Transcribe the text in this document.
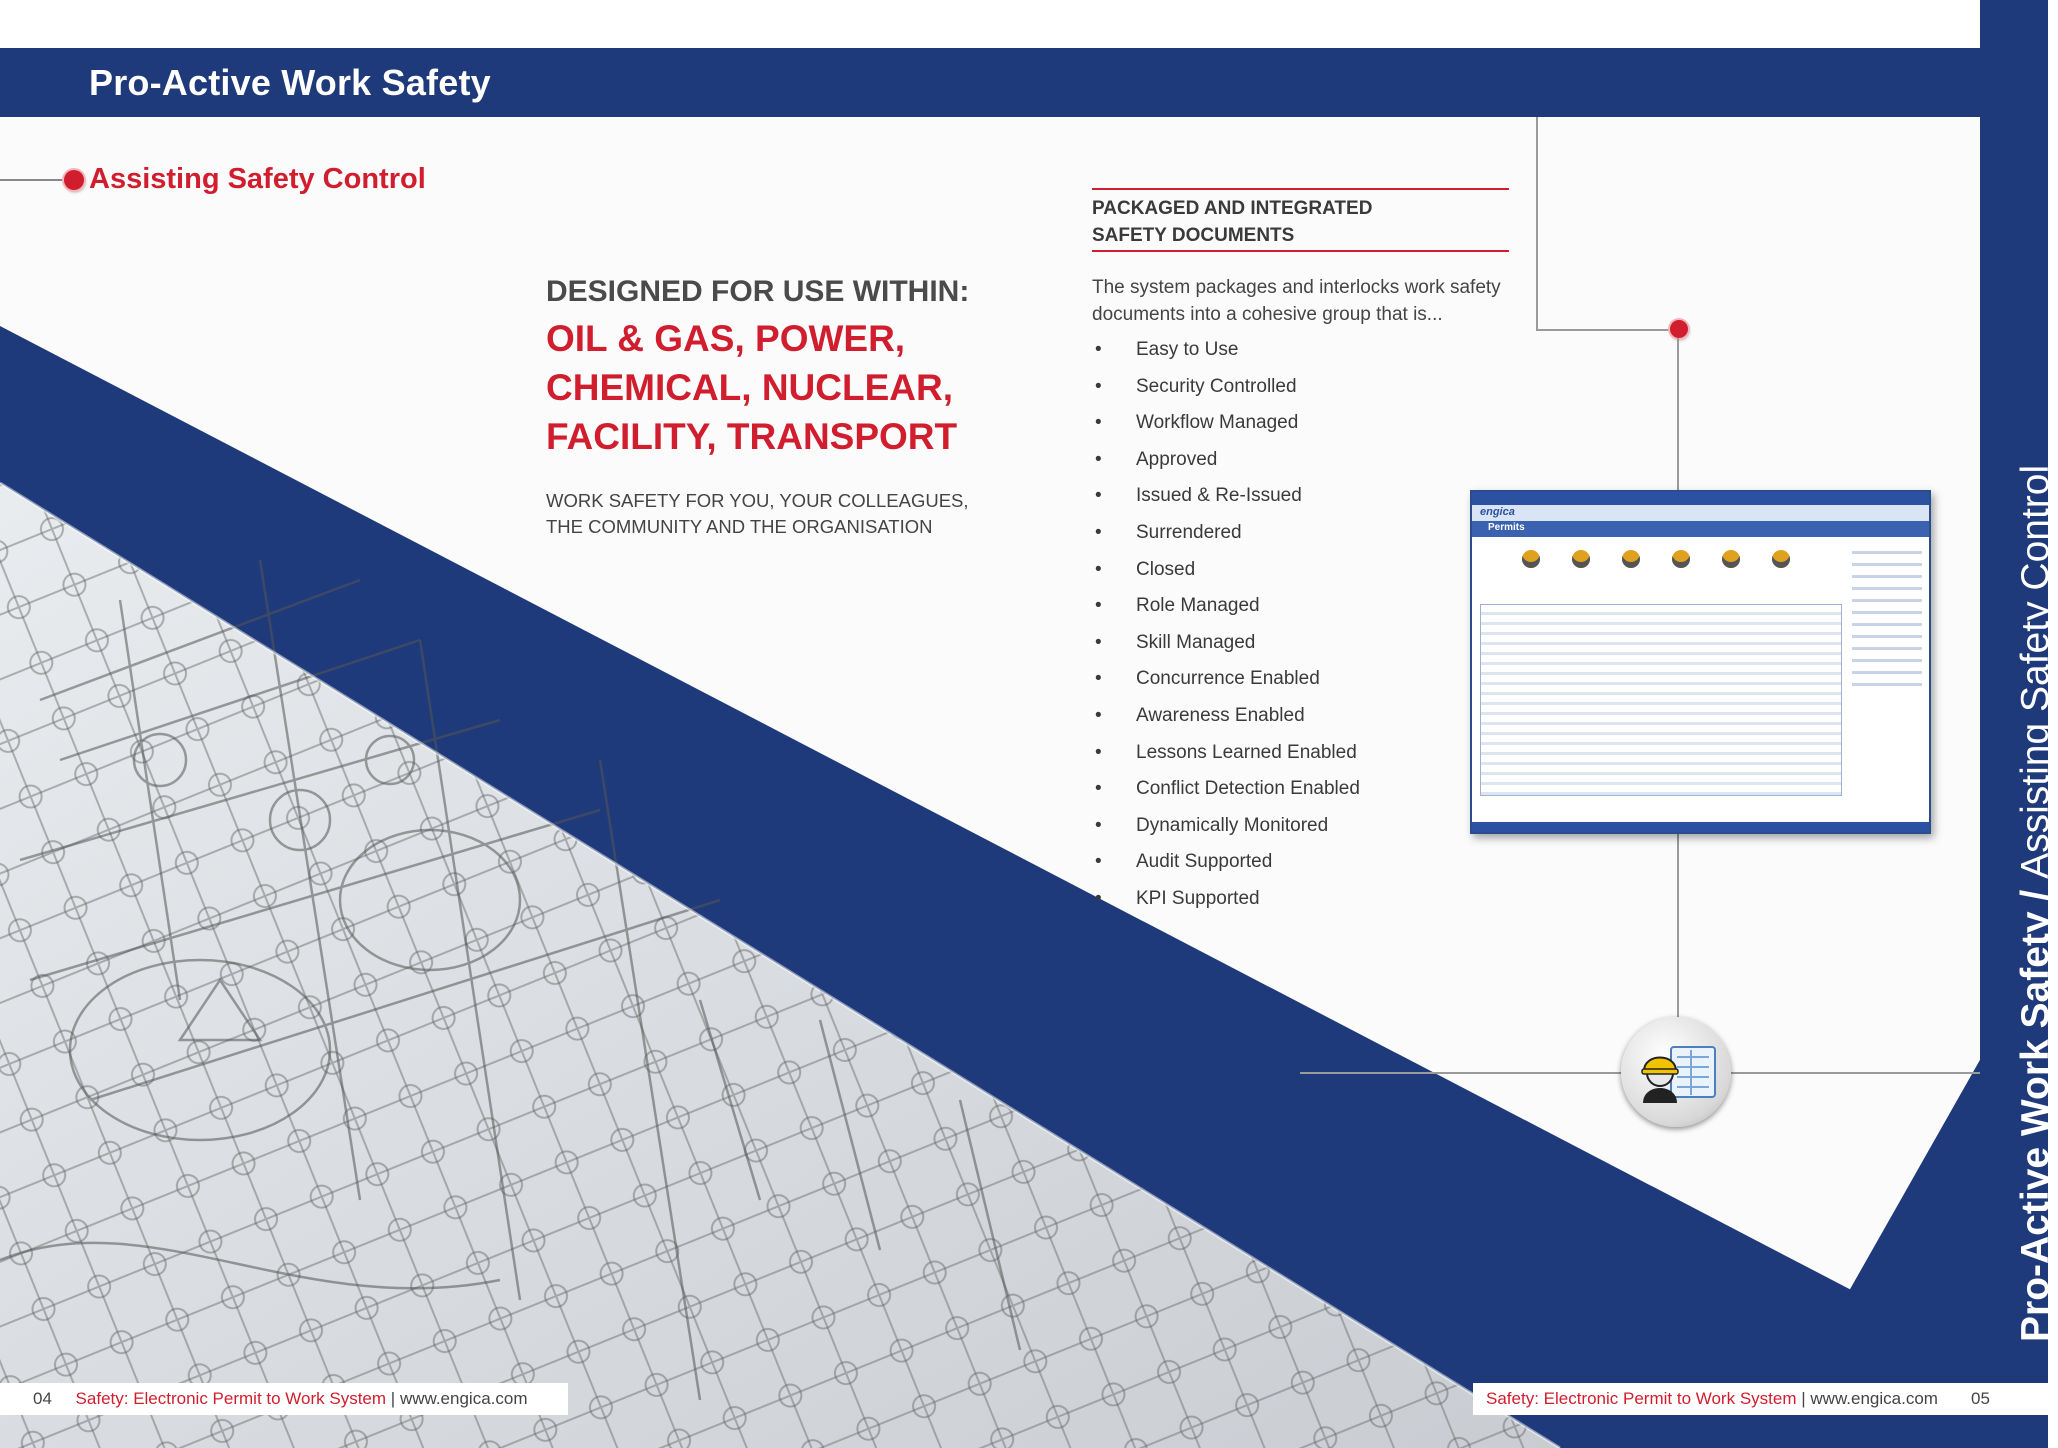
Pro-Active Work Safety
Pro-Active Work Safety / Assisting Safety Control
Assisting Safety Control
DESIGNED FOR USE WITHIN:
OIL & GAS, POWER,
CHEMICAL, NUCLEAR,
FACILITY, TRANSPORT
WORK SAFETY FOR YOU, YOUR COLLEAGUES,
THE COMMUNITY AND THE ORGANISATION
PACKAGED AND INTEGRATED
SAFETY DOCUMENTS
The system packages and interlocks work safety documents into a cohesive group that is...
• Easy to Use
• Security Controlled
• Workflow Managed
• Approved
• Issued & Re-Issued
• Surrendered
• Closed
• Role Managed
• Skill Managed
• Concurrence Enabled
• Awareness Enabled
• Lessons Learned Enabled
• Conflict Detection Enabled
• Dynamically Monitored
• Audit Supported
• KPI Supported
engica
Permits
04 Safety: Electronic Permit to Work System | www.engica.com	Safety: Electronic Permit to Work System | www.engica.com 05
